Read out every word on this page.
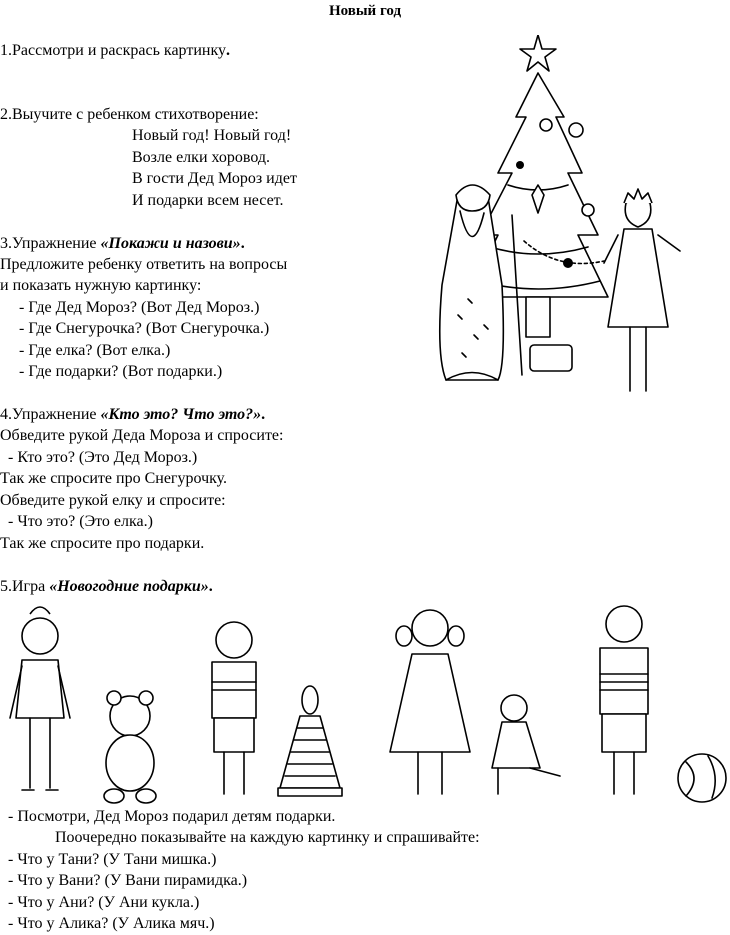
Новый год
1.Рассмотри и раскрась картинку.
2.Выучите с ребенком стихотворение:
Новый год! Новый год!
Возле елки хоровод.
В гости Дед Мороз идет
И подарки всем несет.
3.Упражнение «Покажи и назови».
Предложите ребенку ответить на вопросы
и показать нужную картинку:
- Где Дед Мороз? (Вот Дед Мороз.)
- Где Снегурочка? (Вот Снегурочка.)
- Где елка? (Вот елка.)
- Где подарки? (Вот подарки.)
4.Упражнение «Кто это? Что это?».
Обведите рукой Деда Мороза и спросите:
- Кто это? (Это Дед Мороз.)
Так же спросите про Снегурочку.
Обведите рукой елку и спросите:
- Что это? (Это елка.)
Так же спросите про подарки.
5.Игра «Новогодние подарки».
- Посмотри, Дед Мороз подарил детям подарки.
Поочередно показывайте на каждую картинку и спрашивайте:
- Что у Тани? (У Тани мишка.)
- Что у Вани? (У Вани пирамидка.)
- Что у Ани? (У Ани кукла.)
- Что у Алика? (У Алика мяч.)
